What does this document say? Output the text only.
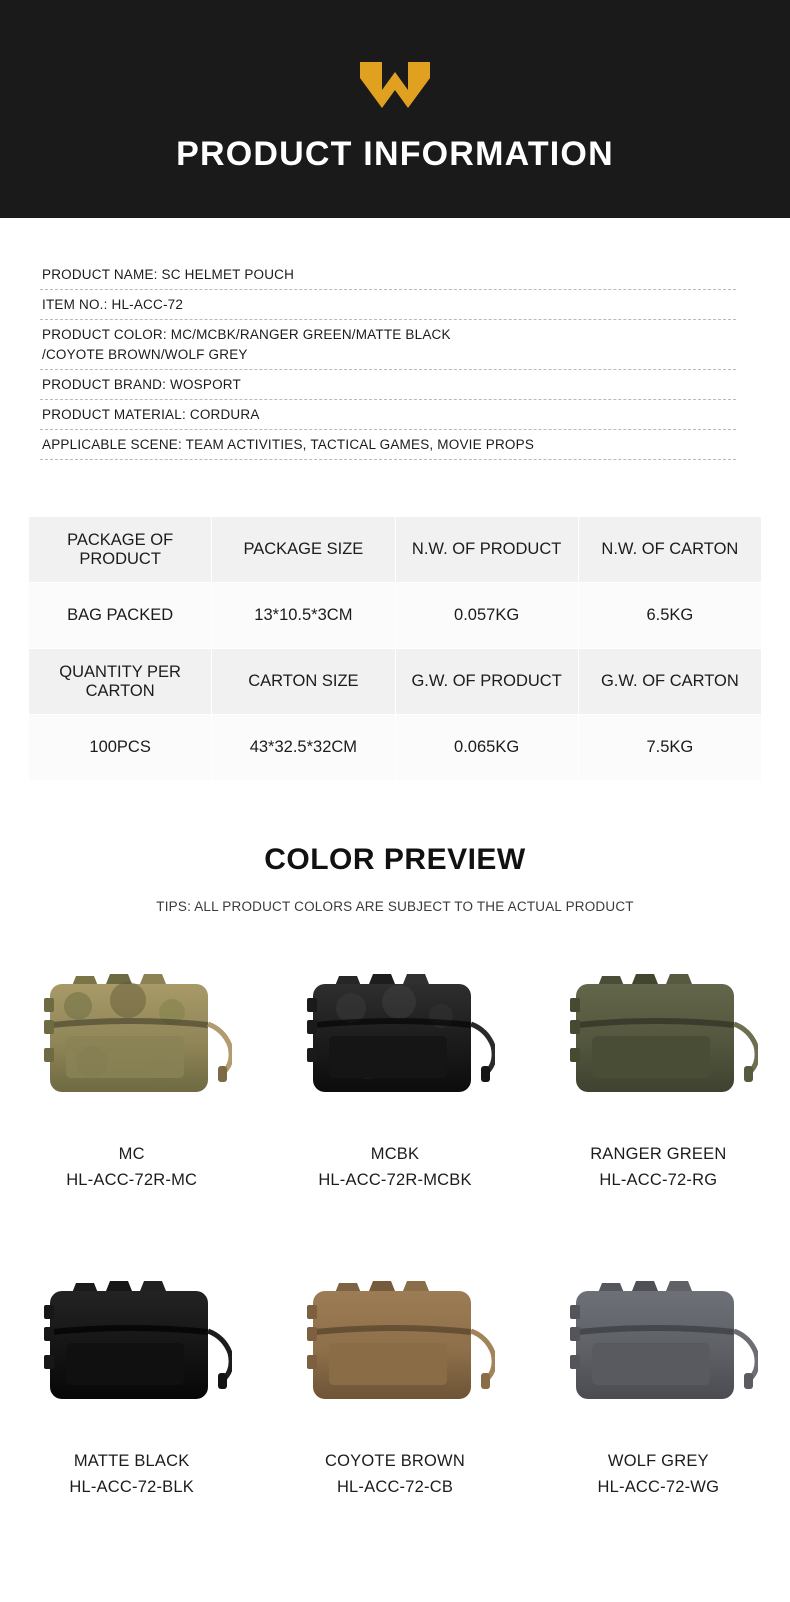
PRODUCT INFORMATION
PRODUCT NAME: SC HELMET POUCH
ITEM NO.: HL-ACC-72
PRODUCT COLOR: MC/MCBK/RANGER GREEN/MATTE BLACK
/COYOTE BROWN/WOLF GREY
PRODUCT BRAND: WOSPORT
PRODUCT MATERIAL: CORDURA
APPLICABLE SCENE: TEAM ACTIVITIES, TACTICAL GAMES, MOVIE PROPS
PACKAGE OF PRODUCT	PACKAGE SIZE	N.W. OF PRODUCT	N.W. OF CARTON
BAG PACKED	13*10.5*3CM	0.057KG	6.5KG
QUANTITY PER CARTON	CARTON SIZE	G.W. OF PRODUCT	G.W. OF CARTON
100PCS	43*32.5*32CM	0.065KG	7.5KG
COLOR PREVIEW
TIPS: ALL PRODUCT COLORS ARE SUBJECT TO THE ACTUAL PRODUCT
MC
HL-ACC-72R-MC
MCBK
HL-ACC-72R-MCBK
RANGER GREEN
HL-ACC-72-RG
MATTE BLACK
HL-ACC-72-BLK
COYOTE BROWN
HL-ACC-72-CB
WOLF GREY
HL-ACC-72-WG
